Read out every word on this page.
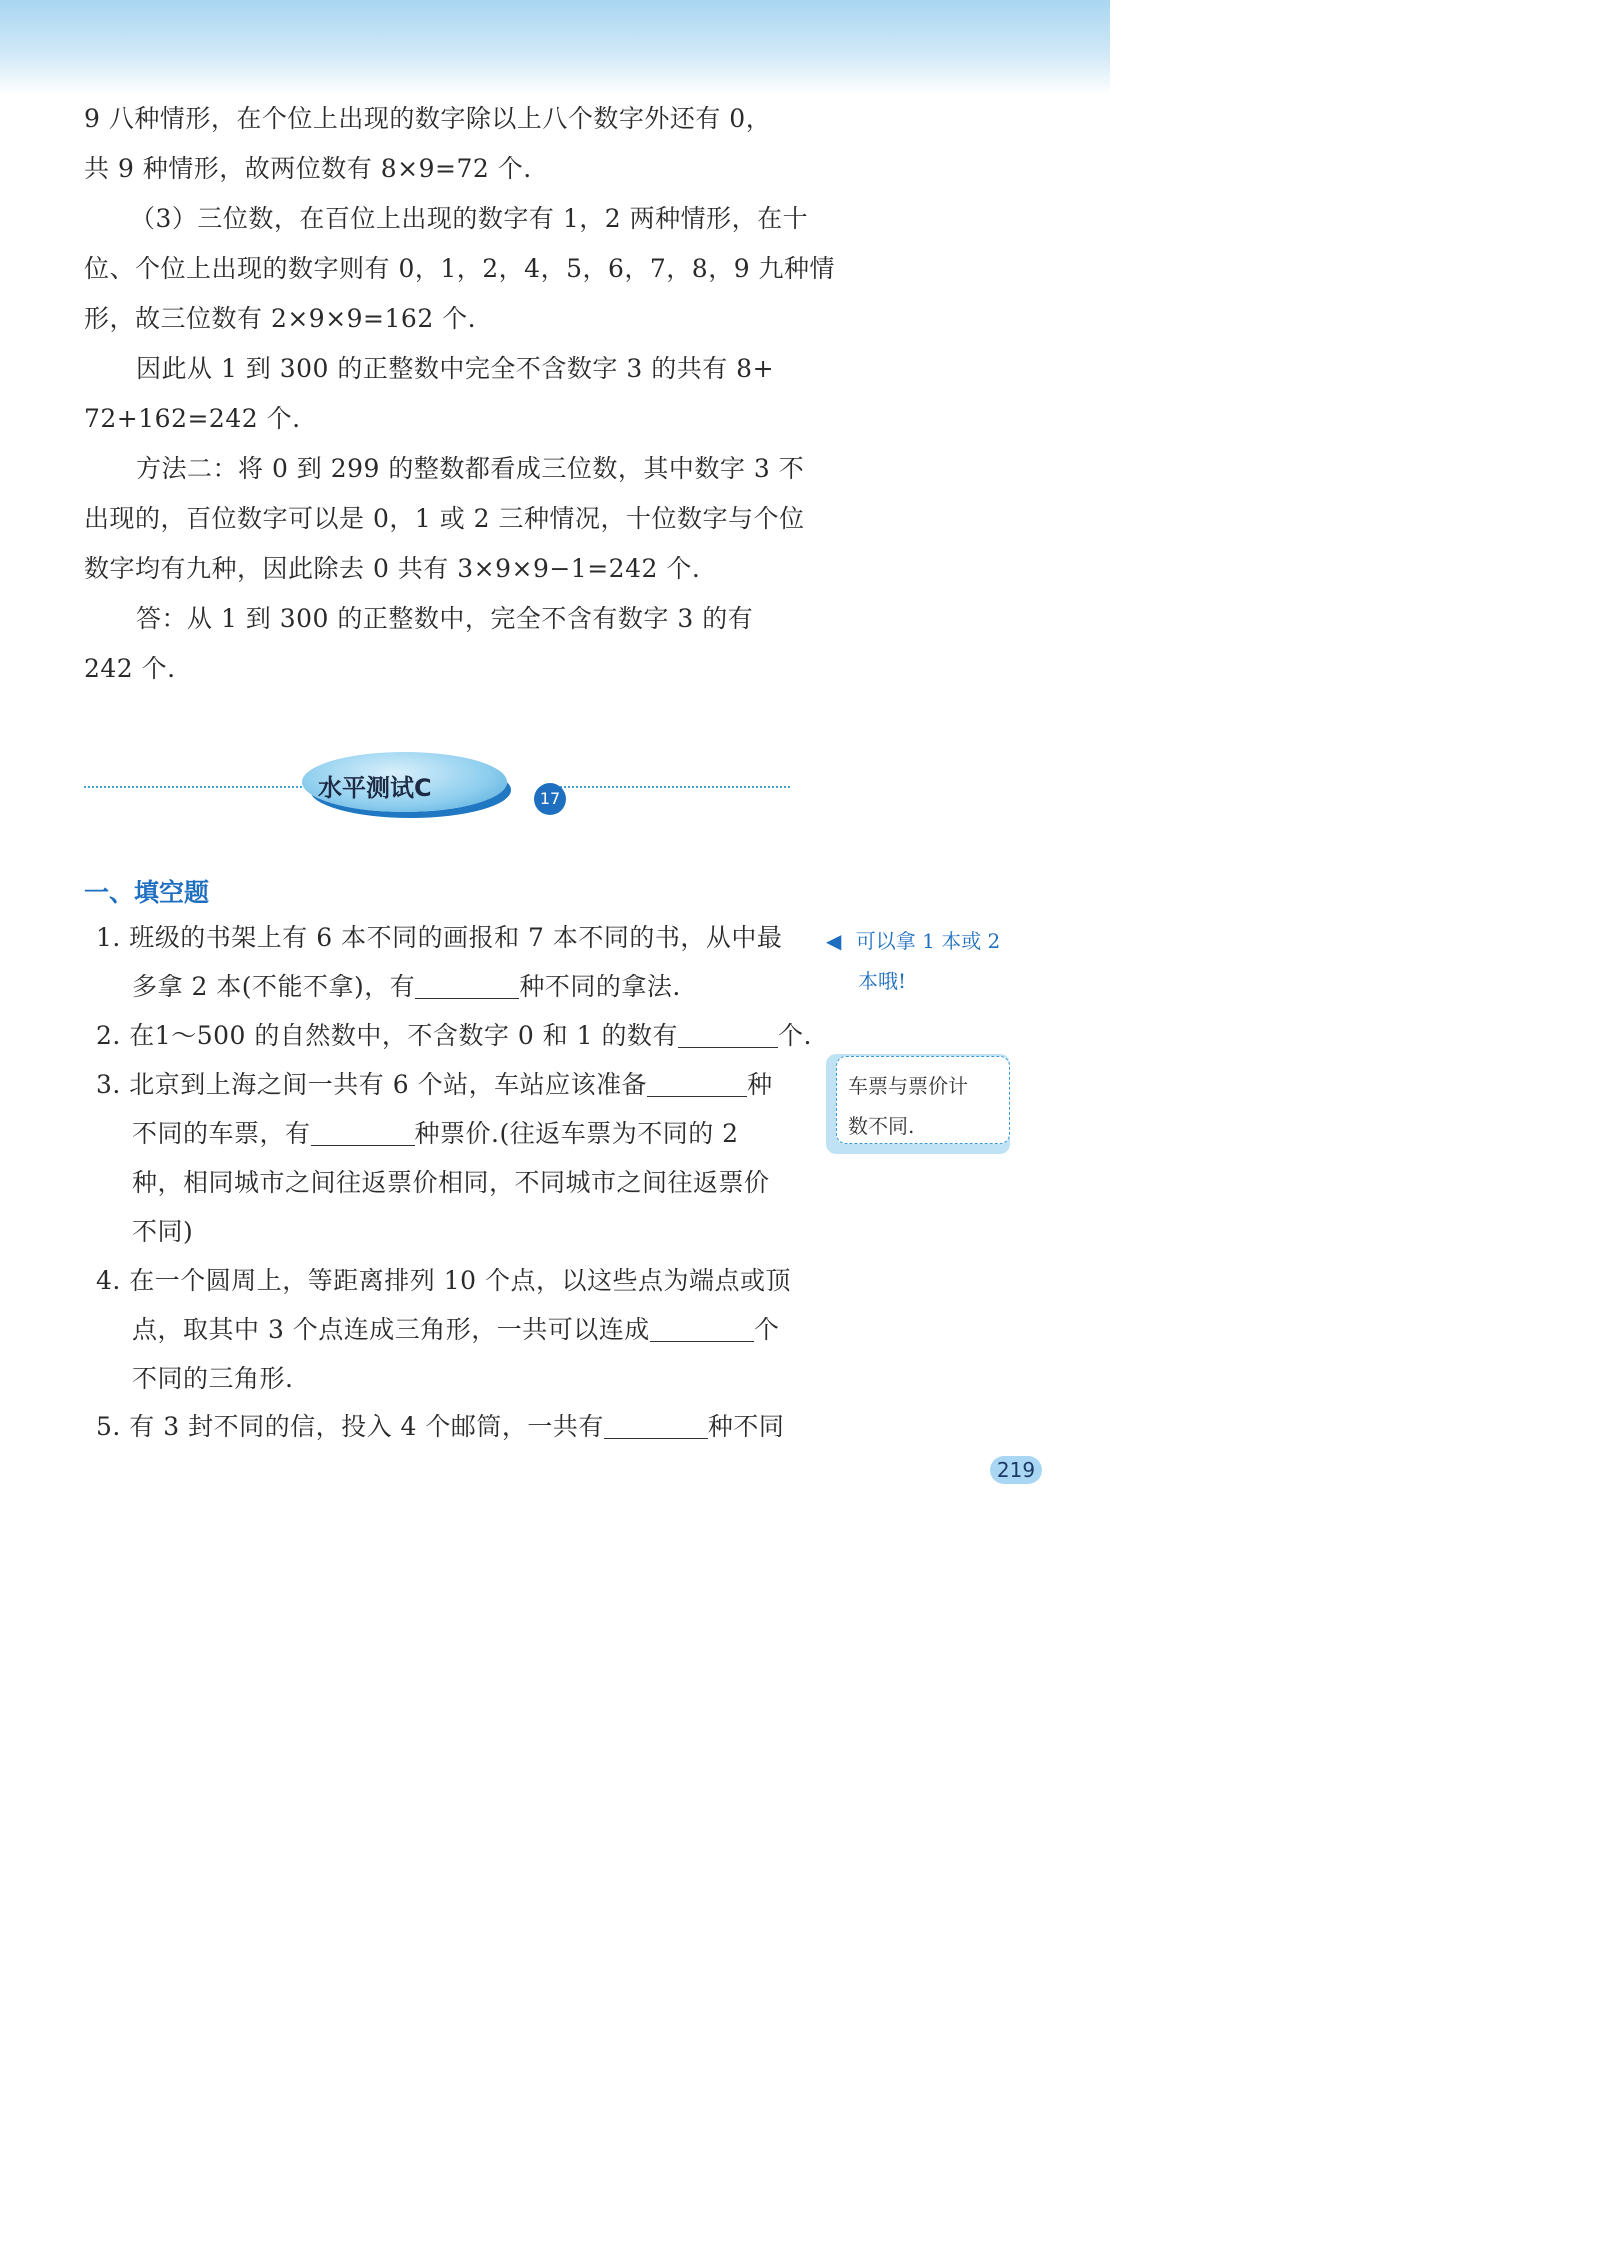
9 八种情形，在个位上出现的数字除以上八个数字外还有 0，
共 9 种情形，故两位数有 8×9=72 个.
（3）三位数，在百位上出现的数字有 1，2 两种情形，在十
位、个位上出现的数字则有 0，1，2，4，5，6，7，8，9 九种情
形，故三位数有 2×9×9=162 个.
因此从 1 到 300 的正整数中完全不含数字 3 的共有 8+
72+162=242 个.
方法二：将 0 到 299 的整数都看成三位数，其中数字 3 不
出现的，百位数字可以是 0，1 或 2 三种情况，十位数字与个位
数字均有九种，因此除去 0 共有 3×9×9−1=242 个.
答：从 1 到 300 的正整数中，完全不含有数字 3 的有
242 个.
水平测试C	17
一、填空题
1. 班级的书架上有 6 本不同的画报和 7 本不同的书，从中最
多拿 2 本(不能不拿)，有	种不同的拿法.
2. 在1～500 的自然数中，不含数字 0 和 1 的数有	个.
3. 北京到上海之间一共有 6 个站，车站应该准备	种
不同的车票，有	种票价.(往返车票为不同的 2
种，相同城市之间往返票价相同，不同城市之间往返票价
不同)
4. 在一个圆周上，等距离排列 10 个点，以这些点为端点或顶
点，取其中 3 个点连成三角形，一共可以连成	个
不同的三角形.
5. 有 3 封不同的信，投入 4 个邮筒，一共有	种不同
◀ 可以拿 1 本或 2
本哦!
车票与票价计
数不同.
219
